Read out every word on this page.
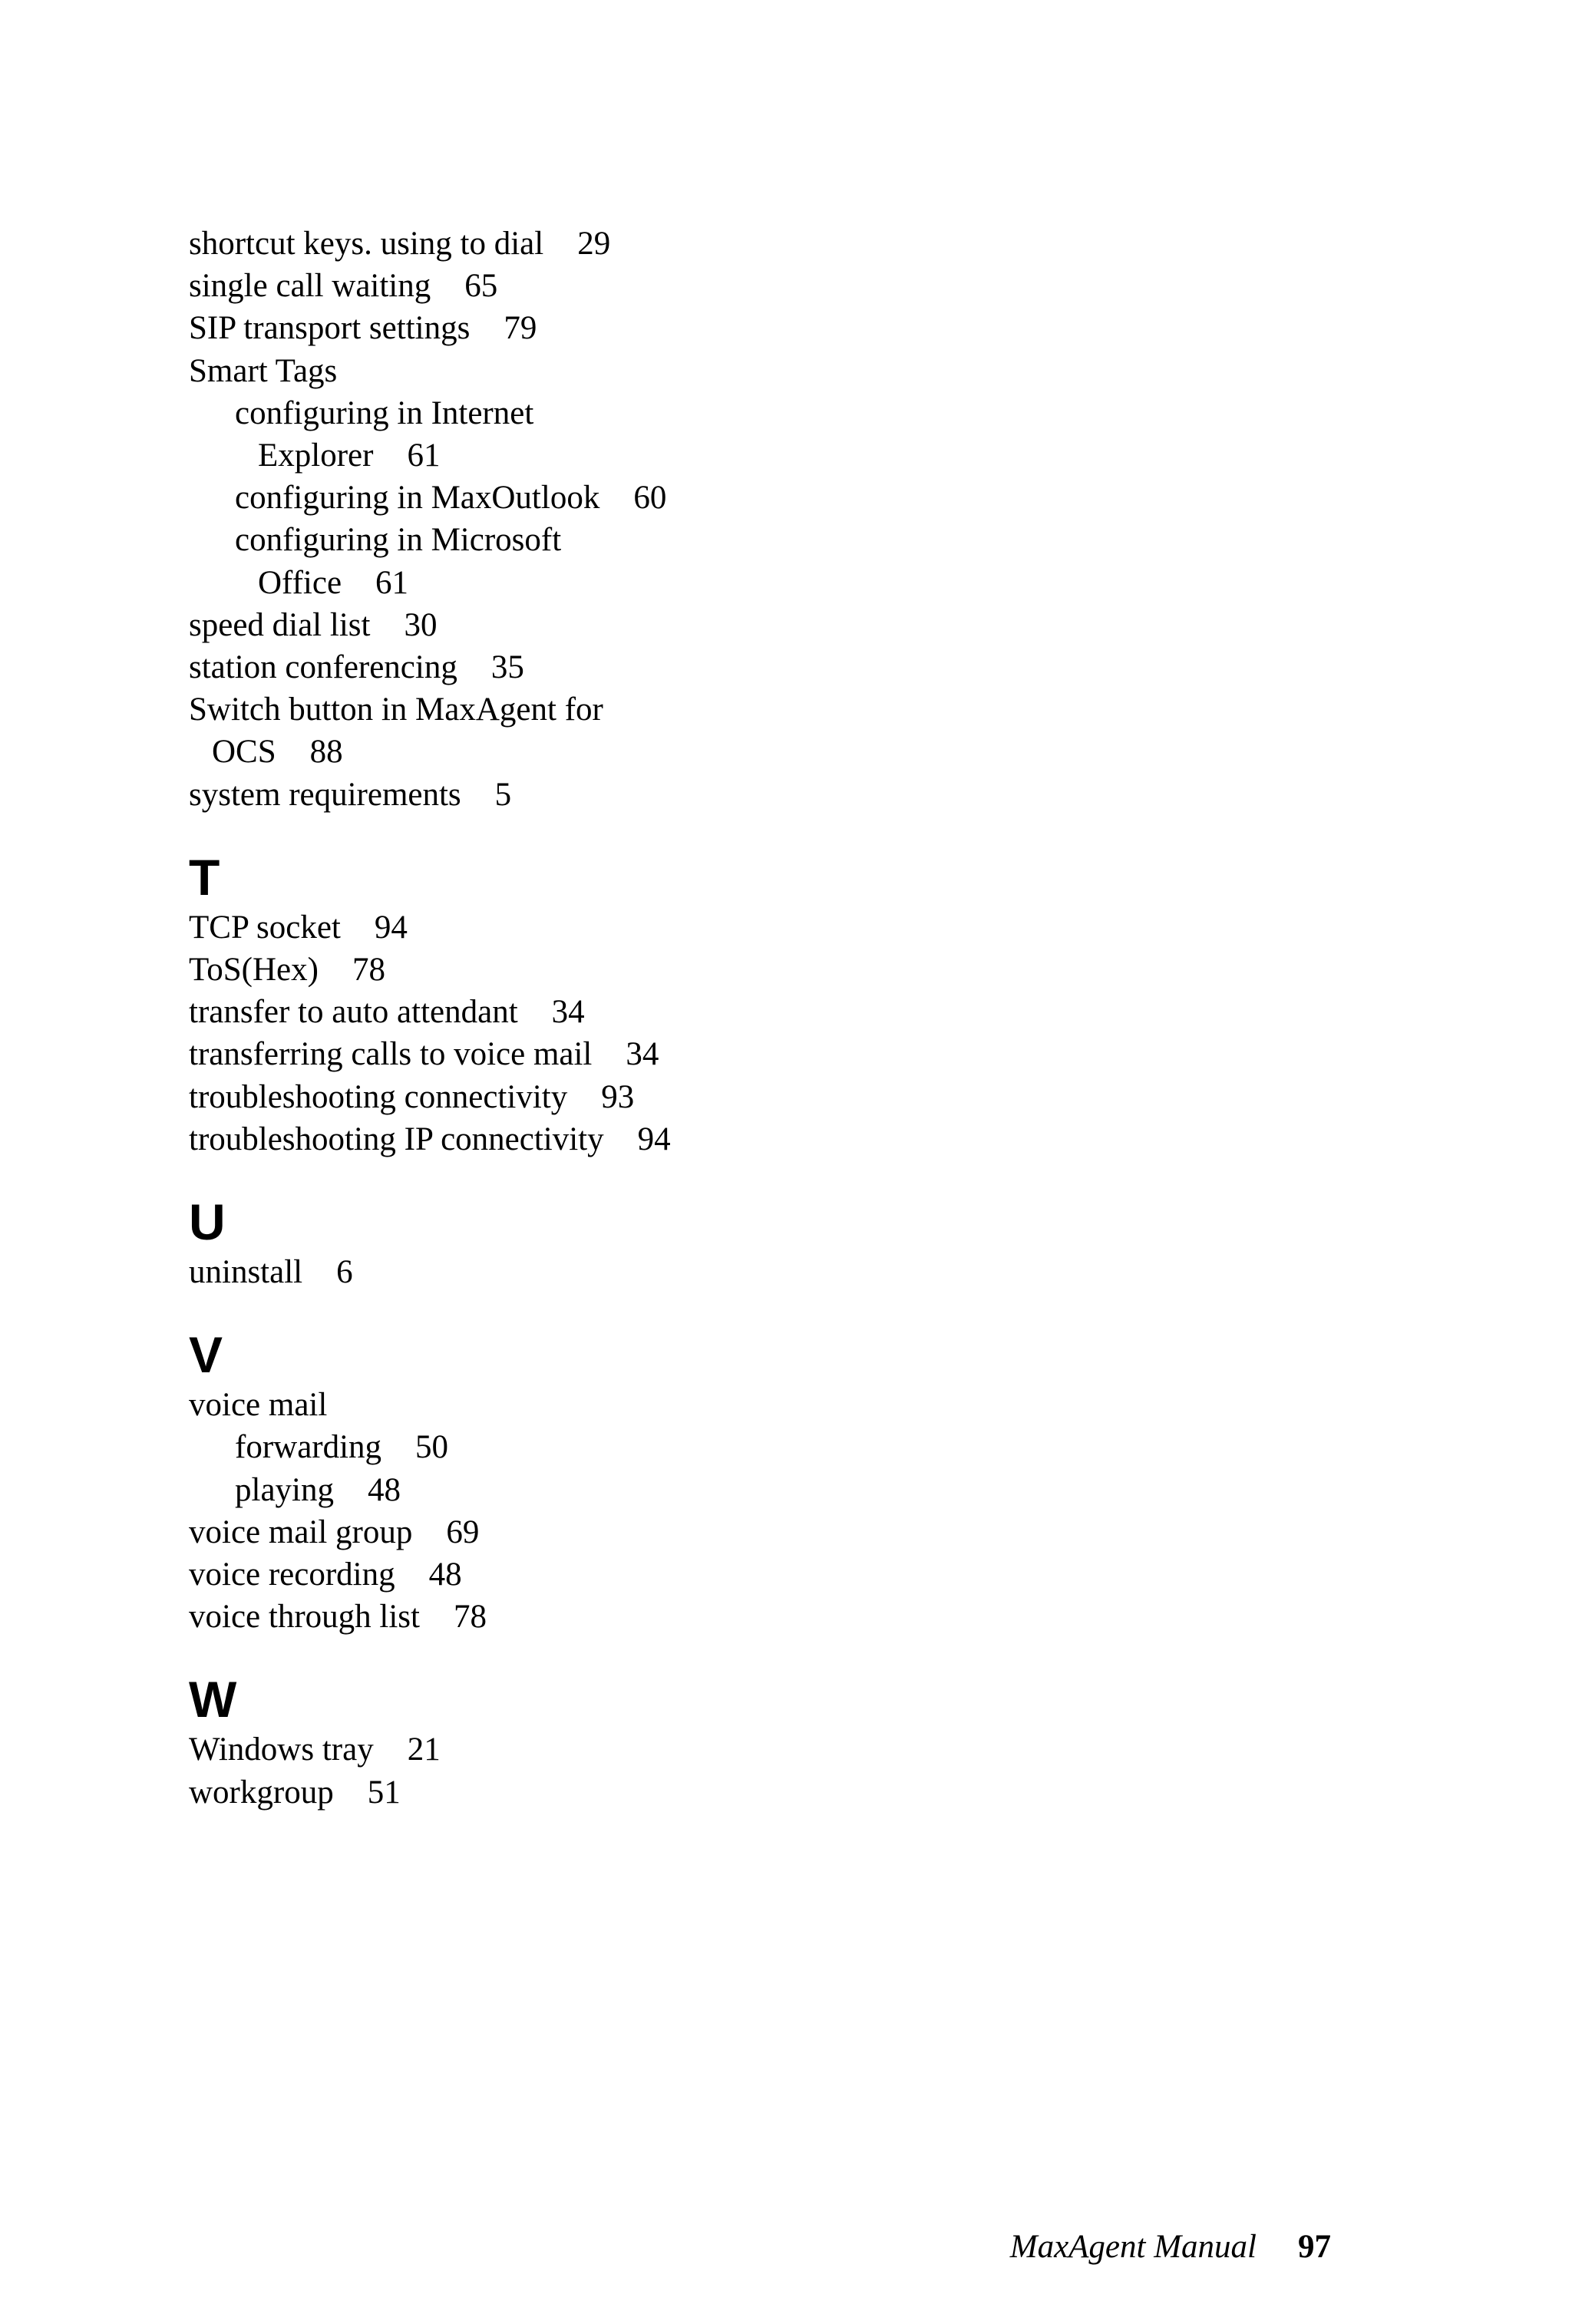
shortcut keys. using to dial 29
single call waiting 65
SIP transport settings 79
Smart Tags
configuring in Internet
Explorer 61
configuring in MaxOutlook 60
configuring in Microsoft
Office 61
speed dial list 30
station conferencing 35
Switch button in MaxAgent for
OCS 88
system requirements 5
T
TCP socket 94
ToS(Hex) 78
transfer to auto attendant 34
transferring calls to voice mail 34
troubleshooting connectivity 93
troubleshooting IP connectivity 94
U
uninstall 6
V
voice mail
forwarding 50
playing 48
voice mail group 69
voice recording 48
voice through list 78
W
Windows tray 21
workgroup 51
MaxAgent Manual 97
